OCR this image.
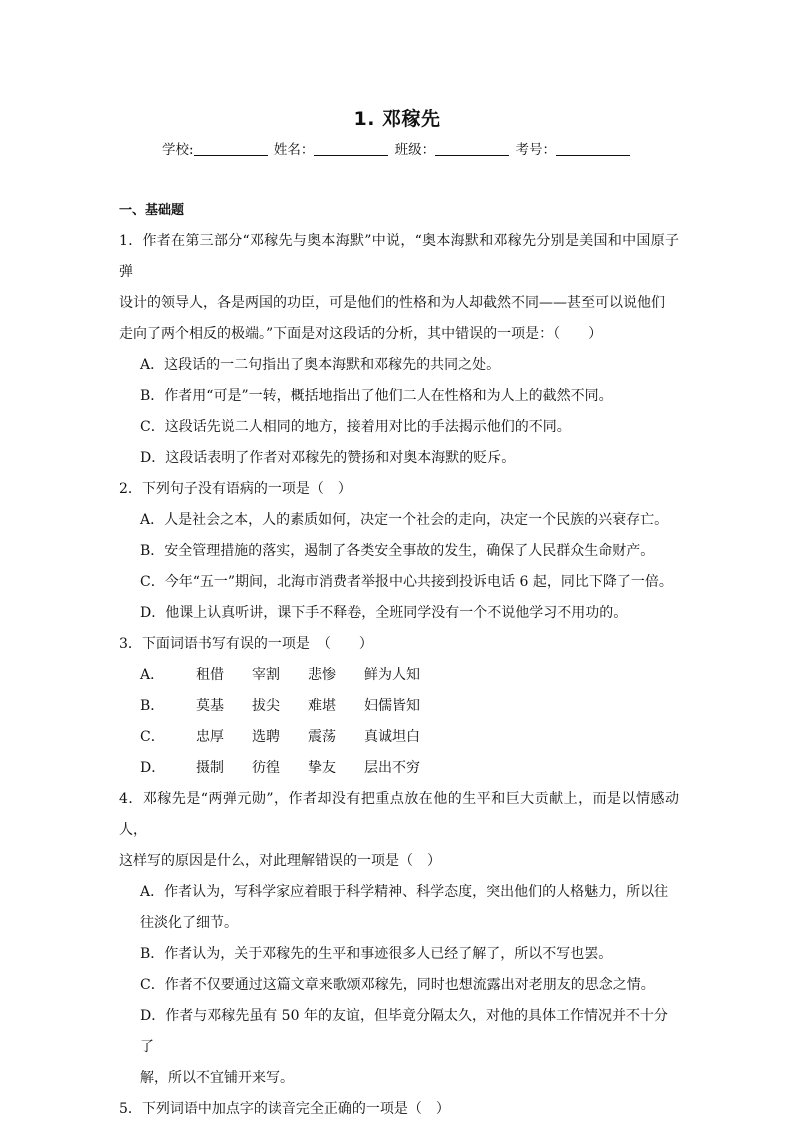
1. 邓稼先
学校:	姓名：	班级：	考号：
一、基础题

1．作者在第三部分“邓稼先与奥本海默”中说，“奥本海默和邓稼先分别是美国和中国原子弹

设计的领导人，各是两国的功臣，可是他们的性格和为人却截然不同——甚至可以说他们

走向了两个相反的极端。”下面是对这段话的分析，其中错误的一项是：（　　）

A．这段话的一二句指出了奥本海默和邓稼先的共同之处。

B．作者用“可是”一转，概括地指出了他们二人在性格和为人上的截然不同。

C．这段话先说二人相同的地方，接着用对比的手法揭示他们的不同。

D．这段话表明了作者对邓稼先的赞扬和对奥本海默的贬斥。

2．下列句子没有语病的一项是（　）

A．人是社会之本，人的素质如何，决定一个社会的走向，决定一个民族的兴衰存亡。

B．安全管理措施的落实，遏制了各类安全事故的发生，确保了人民群众生命财产。

C．今年“五一”期间，北海市消费者举报中心共接到投诉电话 6 起，同比下降了一倍。

D．他课上认真听讲，课下手不释卷，全班同学没有一个不说他学习不用功的。

3．下面词语书写有误的一项是　（　　）

A．	租借	宰割	悲惨	鲜为人知
B．	莫基	拔尖	难堪	妇儒皆知
C．	忠厚	选聘	震荡	真诚坦白
D．	摄制	彷徨	挚友	层出不穷

4．邓稼先是“两弹元勋”，作者却没有把重点放在他的生平和巨大贡献上，而是以情感动人，

这样写的原因是什么，对此理解错误的一项是（　）

A．作者认为，写科学家应着眼于科学精神、科学态度，突出他们的人格魅力，所以往

往淡化了细节。

B．作者认为，关于邓稼先的生平和事迹很多人已经了解了，所以不写也罢。

C．作者不仅要通过这篇文章来歌颂邓稼先，同时也想流露出对老朋友的思念之情。

D．作者与邓稼先虽有 50 年的友谊，但毕竟分隔太久，对他的具体工作情况并不十分了

解，所以不宜铺开来写。

5．下列词语中加点字的读音完全正确的一项是（　）
